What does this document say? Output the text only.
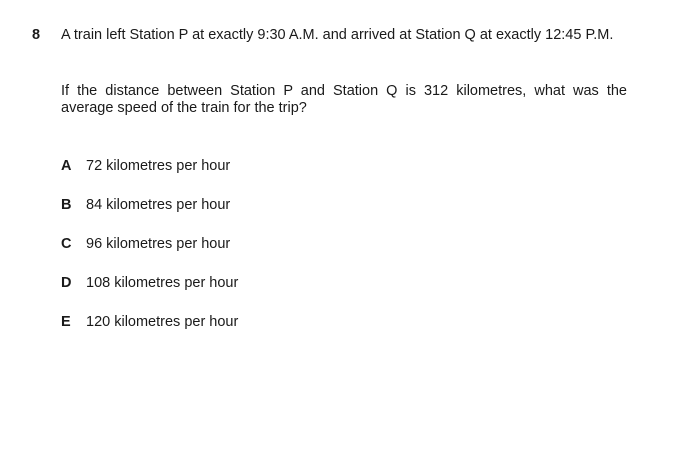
8 A train left Station P at exactly 9:30 A.M. and arrived at Station Q at exactly 12:45 P.M.
If the distance between Station P and Station Q is 312 kilometres, what was the average speed of the train for the trip?
A	72 kilometres per hour
B	84 kilometres per hour
C	96 kilometres per hour
D	108 kilometres per hour
E	120 kilometres per hour
